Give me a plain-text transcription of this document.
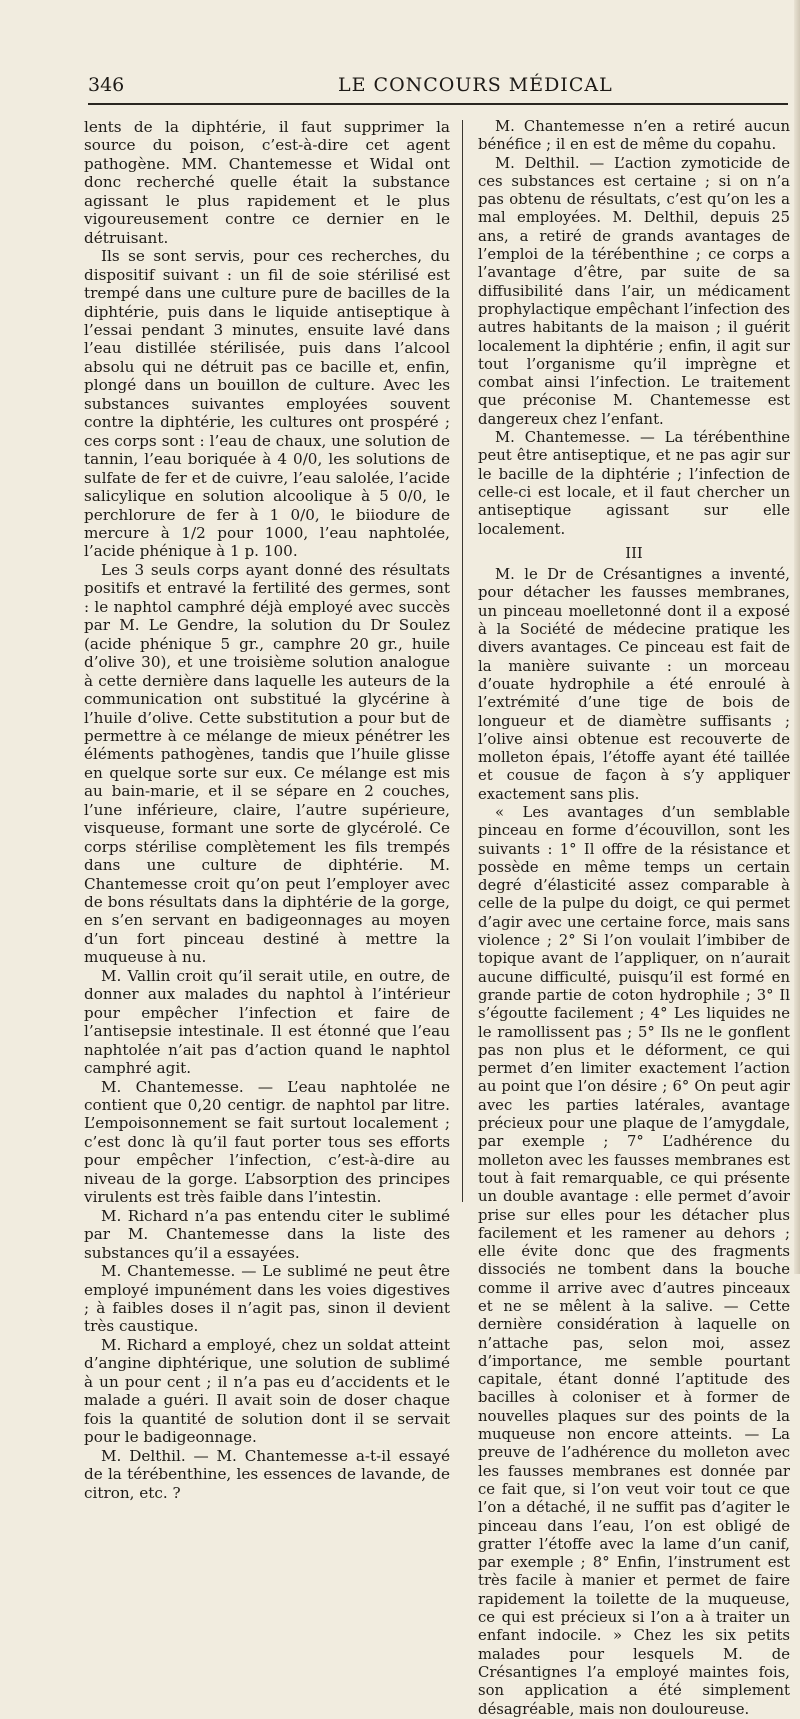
346	LE CONCOURS MÉDICAL

lents de la diphtérie, il faut supprimer la source du poison, c’est-à-dire cet agent pathogène. MM. Chantemesse et Widal ont donc recherché quelle était la substance agissant le plus rapidement et le plus vigoureusement contre ce dernier en le détruisant.

Ils se sont servis, pour ces recherches, du dispositif suivant : un fil de soie stérilisé est trempé dans une culture pure de bacilles de la diphtérie, puis dans le liquide antiseptique à l’essai pendant 3 minutes, ensuite lavé dans l’eau distillée stérilisée, puis dans l’alcool absolu qui ne détruit pas ce bacille et, enfin, plongé dans un bouillon de culture. Avec les substances suivantes employées souvent contre la diphtérie, les cultures ont prospéré ; ces corps sont : l’eau de chaux, une solution de tannin, l’eau boriquée à 4 0/0, les solutions de sulfate de fer et de cuivre, l’eau salolée, l’acide salicylique en solution alcoolique à 5 0/0, le perchlorure de fer à 1 0/0, le biiodure de mercure à 1/2 pour 1000, l’eau naphtolée, l’acide phénique à 1 p. 100.

Les 3 seuls corps ayant donné des résultats positifs et entravé la fertilité des germes, sont : le naphtol camphré déjà employé avec succès par M. Le Gendre, la solution du Dr Soulez (acide phénique 5 gr., camphre 20 gr., huile d’olive 30), et une troisième solution analogue à cette dernière dans laquelle les auteurs de la communication ont substitué la glycérine à l’huile d’olive. Cette substitution a pour but de permettre à ce mélange de mieux pénétrer les éléments pathogènes, tandis que l’huile glisse en quelque sorte sur eux. Ce mélange est mis au bain-marie, et il se sépare en 2 couches, l’une inférieure, claire, l’autre supérieure, visqueuse, formant une sorte de glycérolé. Ce corps stérilise complètement les fils trempés dans une culture de diphtérie. M. Chantemesse croit qu’on peut l’employer avec de bons résultats dans la diphtérie de la gorge, en s’en servant en badigeonnages au moyen d’un fort pinceau destiné à mettre la muqueuse à nu.

M. Vallin croit qu’il serait utile, en outre, de donner aux malades du naphtol à l’intérieur pour empêcher l’infection et faire de l’antisepsie intestinale. Il est étonné que l’eau naphtolée n’ait pas d’action quand le naphtol camphré agit.

M. Chantemesse. — L’eau naphtolée ne contient que 0,20 centigr. de naphtol par litre. L’empoisonnement se fait surtout localement ; c’est donc là qu’il faut porter tous ses efforts pour empêcher l’infection, c’est-à-dire au niveau de la gorge. L’absorption des principes virulents est très faible dans l’intestin.

M. Richard n’a pas entendu citer le sublimé par M. Chantemesse dans la liste des substances qu’il a essayées.

M. Chantemesse. — Le sublimé ne peut être employé impunément dans les voies digestives ; à faibles doses il n’agit pas, sinon il devient très caustique.

M. Richard a employé, chez un soldat atteint d’angine diphtérique, une solution de sublimé à un pour cent ; il n’a pas eu d’accidents et le malade a guéri. Il avait soin de doser chaque fois la quantité de solution dont il se servait pour le badigeonnage.

M. Delthil. — M. Chantemesse a-t-il essayé de la térébenthine, les essences de lavande, de citron, etc. ?

M. Chantemesse n’en a retiré aucun bénéfice ; il en est de même du copahu.

M. Delthil. — L’action zymoticide de ces substances est certaine ; si on n’a pas obtenu de résultats, c’est qu’on les a mal employées. M. Delthil, depuis 25 ans, a retiré de grands avantages de l’emploi de la térébenthine ; ce corps a l’avantage d’être, par suite de sa diffusibilité dans l’air, un médicament prophylactique empêchant l’infection des autres habitants de la maison ; il guérit localement la diphtérie ; enfin, il agit sur tout l’organisme qu’il imprègne et combat ainsi l’infection. Le traitement que préconise M. Chantemesse est dangereux chez l’enfant.

M. Chantemesse. — La térébenthine peut être antiseptique, et ne pas agir sur le bacille de la diphtérie ; l’infection de celle-ci est locale, et il faut chercher un antiseptique agissant sur elle localement.

III

M. le Dr de Crésantignes a inventé, pour détacher les fausses membranes, un pinceau moelletonné dont il a exposé à la Société de médecine pratique les divers avantages. Ce pinceau est fait de la manière suivante : un morceau d’ouate hydrophile a été enroulé à l’extrémité d’une tige de bois de longueur et de diamètre suffisants ; l’olive ainsi obtenue est recouverte de molleton épais, l’étoffe ayant été taillée et cousue de façon à s’y appliquer exactement sans plis.

« Les avantages d’un semblable pinceau en forme d’écouvillon, sont les suivants : 1° Il offre de la résistance et possède en même temps un certain degré d’élasticité assez comparable à celle de la pulpe du doigt, ce qui permet d’agir avec une certaine force, mais sans violence ; 2° Si l’on voulait l’imbiber de topique avant de l’appliquer, on n’aurait aucune difficulté, puisqu’il est formé en grande partie de coton hydrophile ; 3° Il s’égoutte facilement ; 4° Les liquides ne le ramollissent pas ; 5° Ils ne le gonflent pas non plus et le déforment, ce qui permet d’en limiter exactement l’action au point que l’on désire ; 6° On peut agir avec les parties latérales, avantage précieux pour une plaque de l’amygdale, par exemple ; 7° L’adhérence du molleton avec les fausses membranes est tout à fait remarquable, ce qui présente un double avantage : elle permet d’avoir prise sur elles pour les détacher plus facilement et les ramener au dehors ; elle évite donc que des fragments dissociés ne tombent dans la bouche comme il arrive avec d’autres pinceaux et ne se mêlent à la salive. — Cette dernière considération à laquelle on n’attache pas, selon moi, assez d’importance, me semble pourtant capitale, étant donné l’aptitude des bacilles à coloniser et à former de nouvelles plaques sur des points de la muqueuse non encore atteints. — La preuve de l’adhérence du molleton avec les fausses membranes est donnée par ce fait que, si l’on veut voir tout ce que l’on a détaché, il ne suffit pas d’agiter le pinceau dans l’eau, l’on est obligé de gratter l’étoffe avec la lame d’un canif, par exemple ; 8° Enfin, l’instrument est très facile à manier et permet de faire rapidement la toilette de la muqueuse, ce qui est précieux si l’on a à traiter un enfant indocile. » Chez les six petits malades pour lesquels M. de Crésantignes l’a employé maintes fois, son application a été simplement désagréable, mais non douloureuse.
